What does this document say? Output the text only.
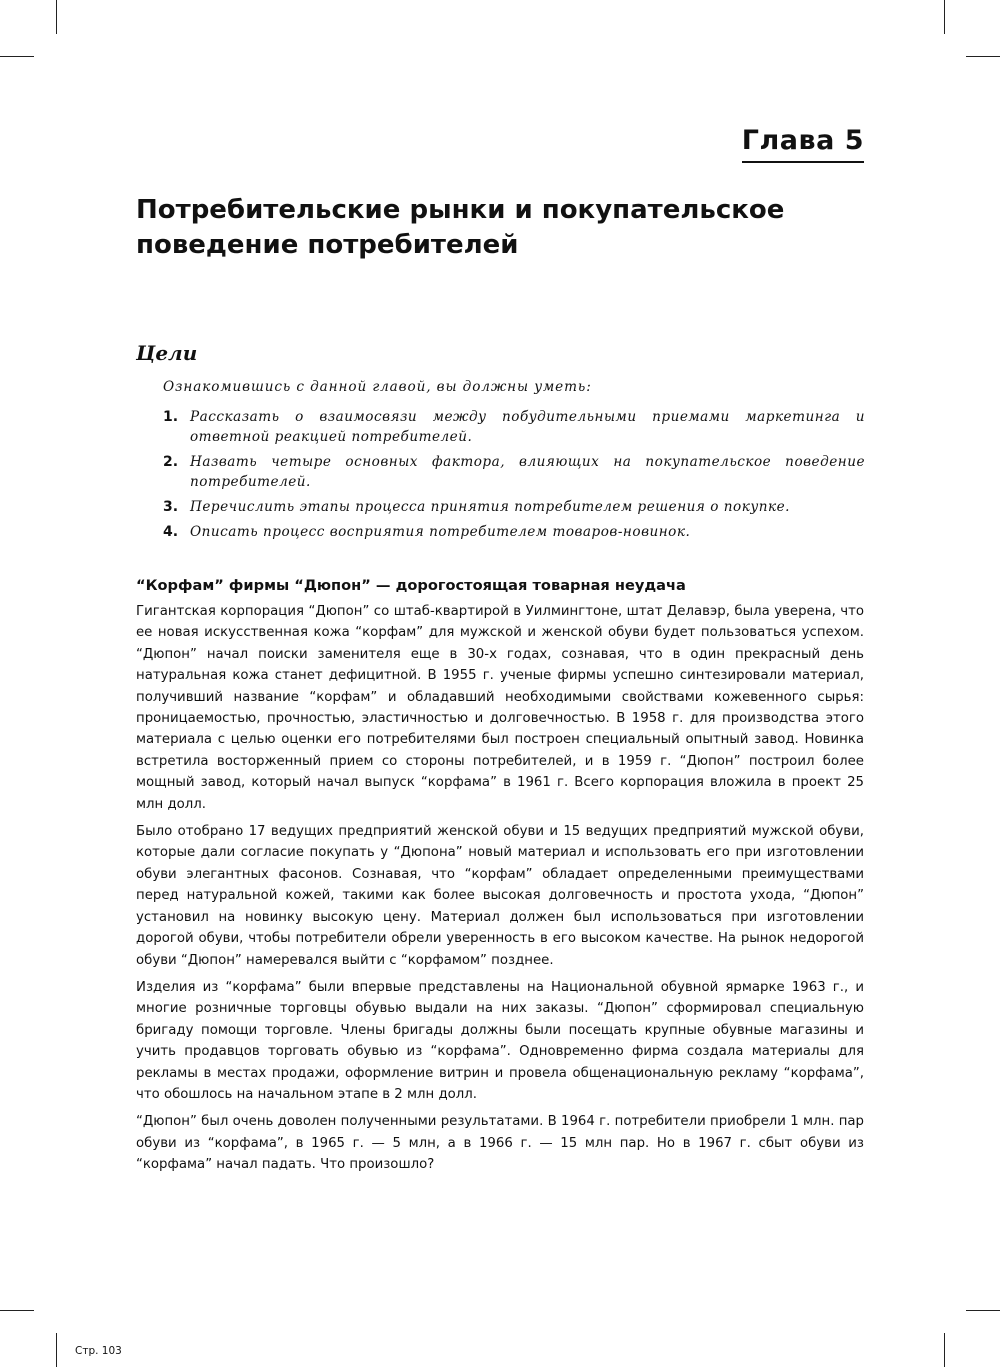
Глава 5
Потребительские рынки и покупательское поведение потребителей
Цели

Ознакомившись с данной главой, вы должны уметь:

1. Рассказать о взаимосвязи между побудительными приемами маркетинга и ответной реакцией потребителей.
2. Назвать четыре основных фактора, влияющих на покупательское поведение потребителей.
3. Перечислить этапы процесса принятия потребителем решения о покупке.
4. Описать процесс восприятия потребителем товаров-новинок.
“Корфам” фирмы “Дюпон” — дорогостоящая товарная неудача

Гигантская корпорация “Дюпон” со штаб-квартирой в Уилмингтоне, штат Делавэр, была уверена, что ее новая искусственная кожа “корфам” для мужской и женской обуви будет пользоваться успехом. “Дюпон” начал поиски заменителя еще в 30-х годах, сознавая, что в один прекрасный день натуральная кожа станет дефицитной. В 1955 г. ученые фирмы успешно синтезировали материал, получивший название “корфам” и обладавший необходимыми свойствами кожевенного сырья: проницаемостью, прочностью, эластичностью и долговечностью. В 1958 г. для производства этого материала с целью оценки его потребителями был построен специальный опытный завод. Новинка встретила восторженный прием со стороны потребителей, и в 1959 г. “Дюпон” построил более мощный завод, который начал выпуск “корфама” в 1961 г. Всего корпорация вложила в проект 25 млн долл.

Было отобрано 17 ведущих предприятий женской обуви и 15 ведущих предприятий мужской обуви, которые дали согласие покупать у “Дюпона” новый материал и использовать его при изготовлении обуви элегантных фасонов. Сознавая, что “корфам” обладает определенными преимуществами перед натуральной кожей, такими как более высокая долговечность и простота ухода, “Дюпон” установил на новинку высокую цену. Материал должен был использоваться при изготовлении дорогой обуви, чтобы потребители обрели уверенность в его высоком качестве. На рынок недорогой обуви “Дюпон” намеревался выйти с “корфамом” позднее.

Изделия из “корфама” были впервые представлены на Национальной обувной ярмарке 1963 г., и многие розничные торговцы обувью выдали на них заказы. “Дюпон” сформировал специальную бригаду помощи торговле. Члены бригады должны были посещать крупные обувные магазины и учить продавцов торговать обувью из “корфама”. Одновременно фирма создала материалы для рекламы в местах продажи, оформление витрин и провела общенациональную рекламу “корфама”, что обошлось на начальном этапе в 2 млн долл.

“Дюпон” был очень доволен полученными результатами. В 1964 г. потребители приобрели 1 млн. пар обуви из “корфама”, в 1965 г. — 5 млн, а в 1966 г. — 15 млн пар. Но в 1967 г. сбыт обуви из “корфама” начал падать. Что произошло?

Стр. 103
